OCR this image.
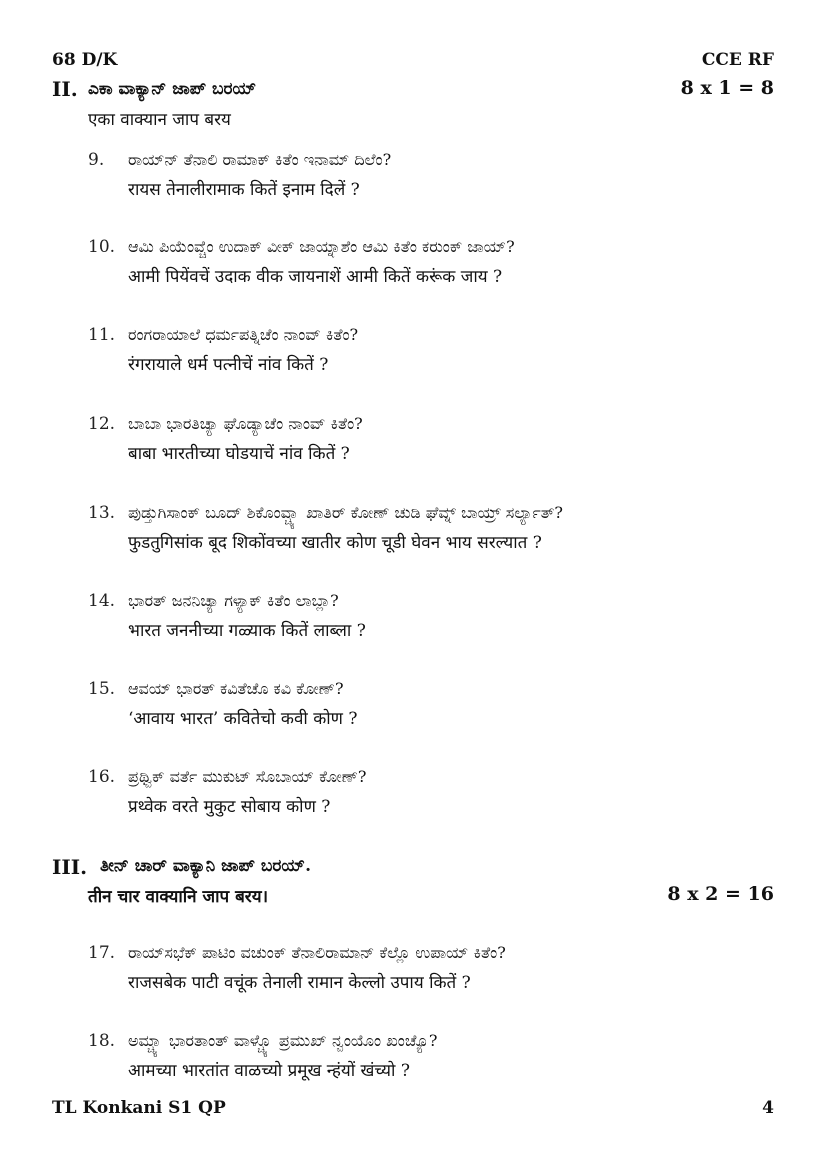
68 D/K	CCE RF
II. ಎಕಾ ವಾಕ್ಯಾನ್ ಜಾಪ್ ಬರಯ್	8 x 1 = 8
एका वाक्यान जाप बरय
9. ರಾಯ್‌ನ್ ತೆನಾಲಿ ರಾಮಾಕ್ ಕಿತೆಂ ಇನಾಮ್ ದಿಲೆಂ?
रायस तेनालीरामाक कितें इनाम दिलें ?
10. ಆಮಿ ಪಿಯೆಂವ್ಚೆಂ ಉದಾಕ್ ವೀಕ್ ಜಾಯ್ನಾಶೆಂ ಆಮಿ ಕಿತೆಂ ಕರುಂಕ್ ಜಾಯ್?
आमी पियेंवचें उदाक वीक जायनाशें आमी कितें करूंक जाय ?
11. ರಂಗರಾಯಾಲೆ ಧರ್ಮಪತ್ನಿಚೆಂ ನಾಂವ್ ಕಿತೆಂ?
रंगरायाले धर्म पत्नीचें नांव कितें ?
12. ಬಾಬಾ ಭಾರತಿಚ್ಯಾ ಘೊಡ್ಯಾಚೆಂ ನಾಂವ್ ಕಿತೆಂ?
बाबा भारतीच्या घोडयाचें नांव कितें ?
13. ಪುಡ್ತುಗಿಸಾಂಕ್ ಬೂದ್ ಶಿಕೊಂವ್ಚ್ಯಾ ಖಾತಿರ್ ಕೋಣ್ ಚುಡಿ ಘೆವ್ನ್ ಬಾಯ್ರ್ ಸರ್ಲ್ಯಾತ್?
फुडतुगिसांक बूद शिकोंवच्या खातीर कोण चूडी घेवन भाय सरल्यात ?
14. ಭಾರತ್ ಜನನಿಚ್ಯಾ ಗಳ್ಯಾಕ್ ಕಿತೆಂ ಲಾಬ್ಲಾ?
भारत जननीच्या गळ्याक कितें लाब्ला ?
15. ಆವಯ್ ಭಾರತ್ ಕವಿತೆಚೊ ಕವಿ ಕೋಣ್?
‘आवाय भारत’ कवितेचो कवी कोण ?
16. ಪ್ರಥ್ವಿಕ್ ವರ್ತೆ ಮುಕುಟ್ ಸೊಬಾಯ್ ಕೋಣ್?
प्रथ्वेक वरते मुकुट सोबाय कोण ?
III. ತೀನ್ ಚಾರ್ ವಾಕ್ಯಾನಿ ಜಾಪ್ ಬರಯ್.
तीन चार वाक्यानि जाप बरय।	8 x 2 = 16
17. ರಾಯ್‌ಸಭೆಕ್ ಪಾಟಿಂ ವಚುಂಕ್ ತೆನಾಲಿರಾಮಾನ್ ಕೆಲ್ಲೊ ಉಪಾಯ್ ಕಿತೆಂ?
राजसबेक पाटी वचूंक तेनाली रामान केल्लो उपाय कितें ?
18. ಅಮ್ಚ್ಯಾ ಭಾರತಾಂತ್ ವಾಳ್ಚ್ಯೊ ಪ್ರಮುಖ್ ನ್ವಂಯೊಂ ಖಂಚ್ಯೊ?
आमच्या भारतांत वाळच्यो प्रमूख न्हंयों खंच्यो ?
TL Konkani S1 QP	4
